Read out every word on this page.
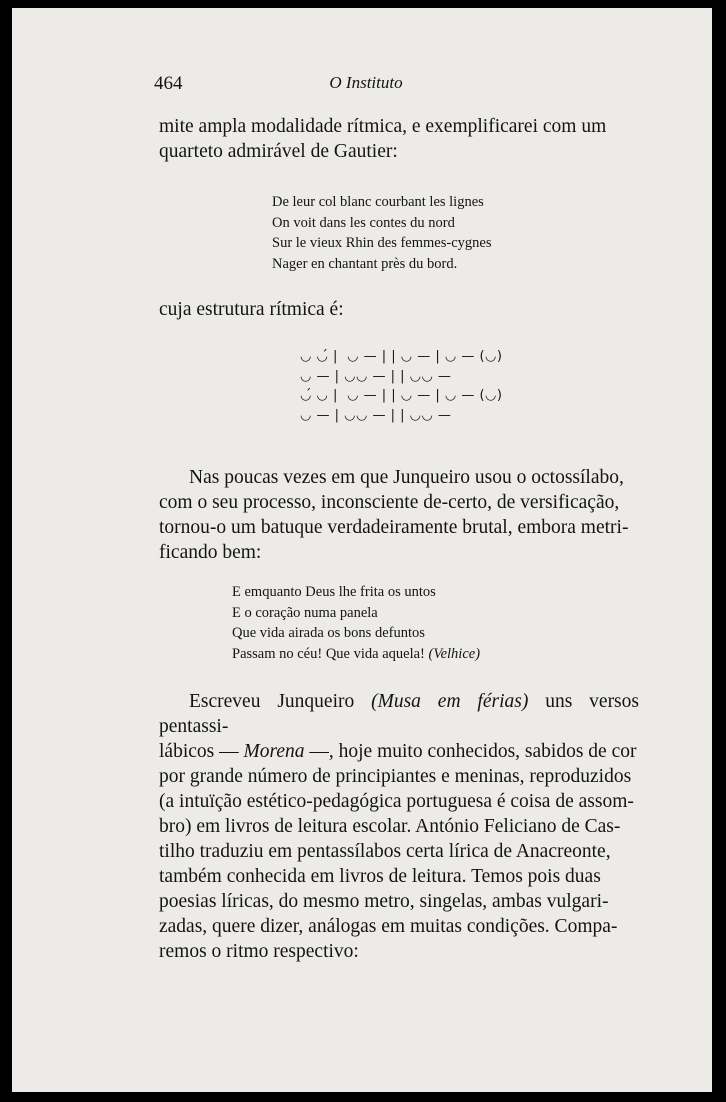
464	O Instituto

mite ampla modalidade rítmica, e exemplificarei com um

quarteto admirável de Gautier:

De leur col blanc courbant les lignes
On voit dans les contes du nord
Sur le vieux Rhin des femmes-cygnes
Nager en chantant près du bord.

cuja estrutura rítmica é:

◡ ◡́ |  ◡ — | | ◡ — | ◡ — (◡)
◡ — | ◡◡ — | | ◡◡ —
◡́ ◡ |  ◡ — | | ◡ — | ◡ — (◡)
◡ — | ◡◡ — | | ◡◡ —

Nas poucas vezes em que Junqueiro usou o octossílabo,

com o seu processo, inconsciente de-certo, de versificação,

tornou-o um batuque verdadeiramente brutal, embora metri-

ficando bem:

E emquanto Deus lhe frita os untos
E o coração numa panela
Que vida airada os bons defuntos
Passam no céu! Que vida aquela! (Velhice)

Escreveu Junqueiro (Musa em férias) uns versos pentassi-

lábicos — Morena —, hoje muito conhecidos, sabidos de cor

por grande número de principiantes e meninas, reproduzidos

(a intuïção estético-pedagógica portuguesa é coisa de assom-

bro) em livros de leitura escolar. António Feliciano de Cas-

tilho traduziu em pentassílabos certa lírica de Anacreonte,

também conhecida em livros de leitura. Temos pois duas

poesias líricas, do mesmo metro, singelas, ambas vulgari-

zadas, quere dizer, análogas em muitas condições. Compa-

remos o ritmo respectivo:
